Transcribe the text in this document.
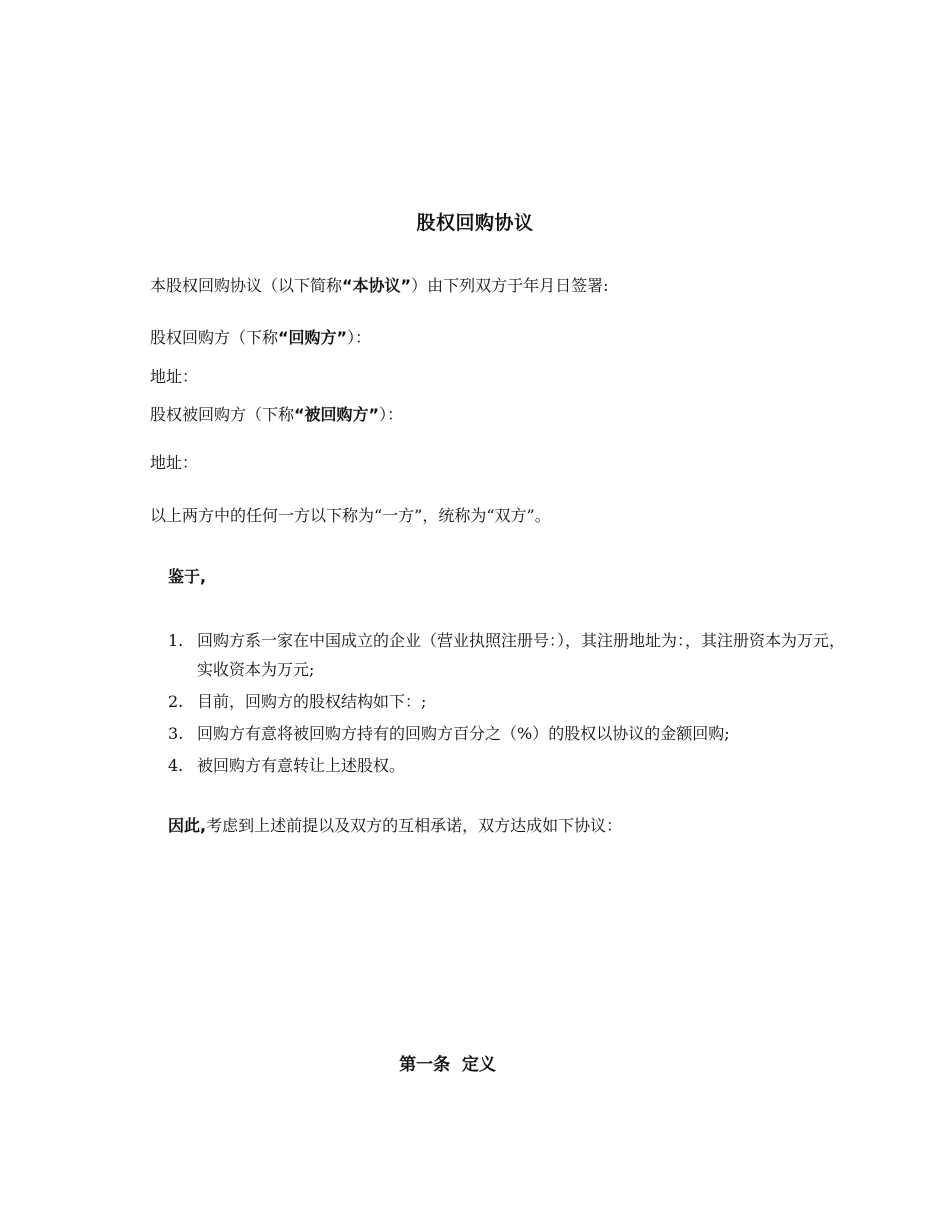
股权回购协议
本股权回购协议（以下简称“本协议”）由下列双方于年月日签署:
股权回购方（下称“回购方”）：
地址：
股权被回购方（下称“被回购方”）：
地址：
以上两方中的任何一方以下称为“一方”，统称为“双方”。
鉴于,
1. 回购方系一家在中国成立的企业（营业执照注册号：），其注册地址为：，其注册资本为万元，实收资本为万元;
2. 目前，回购方的股权结构如下：;
3. 回购方有意将被回购方持有的回购方百分之（%）的股权以协议的金额回购;
4. 被回购方有意转让上述股权。
因此,考虑到上述前提以及双方的互相承诺，双方达成如下协议：
第一条  定义
